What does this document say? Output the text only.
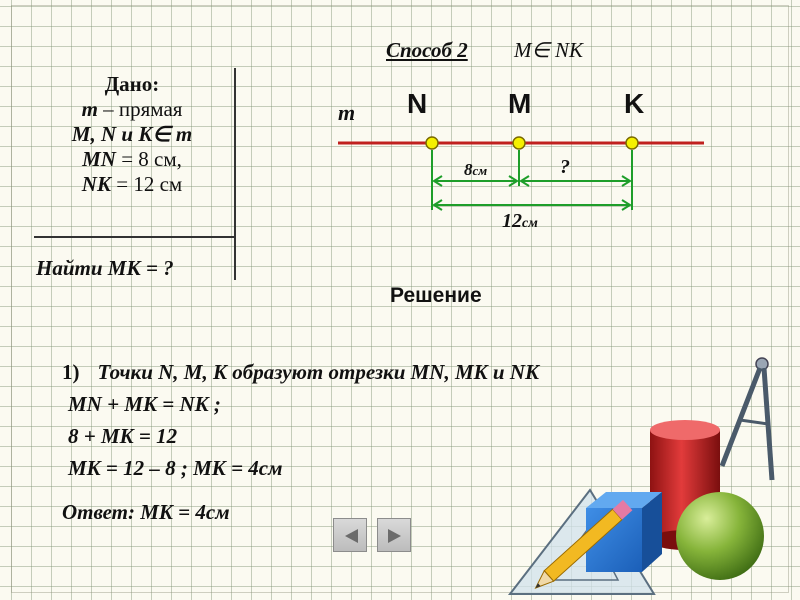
Дано:
m – прямая
M, N и K∈ m
MN = 8 см,
NK = 12 см
Найти МК = ?
Способ 2 M∈ NK
m N	M	K
8см	?
12см
Решение
1) Точки N, M, K образуют отрезки MN, MK и NK
MN + MK = NK ;
8 + MK = 12
MK = 12 – 8 ; MK = 4см
Ответ: MK = 4см
